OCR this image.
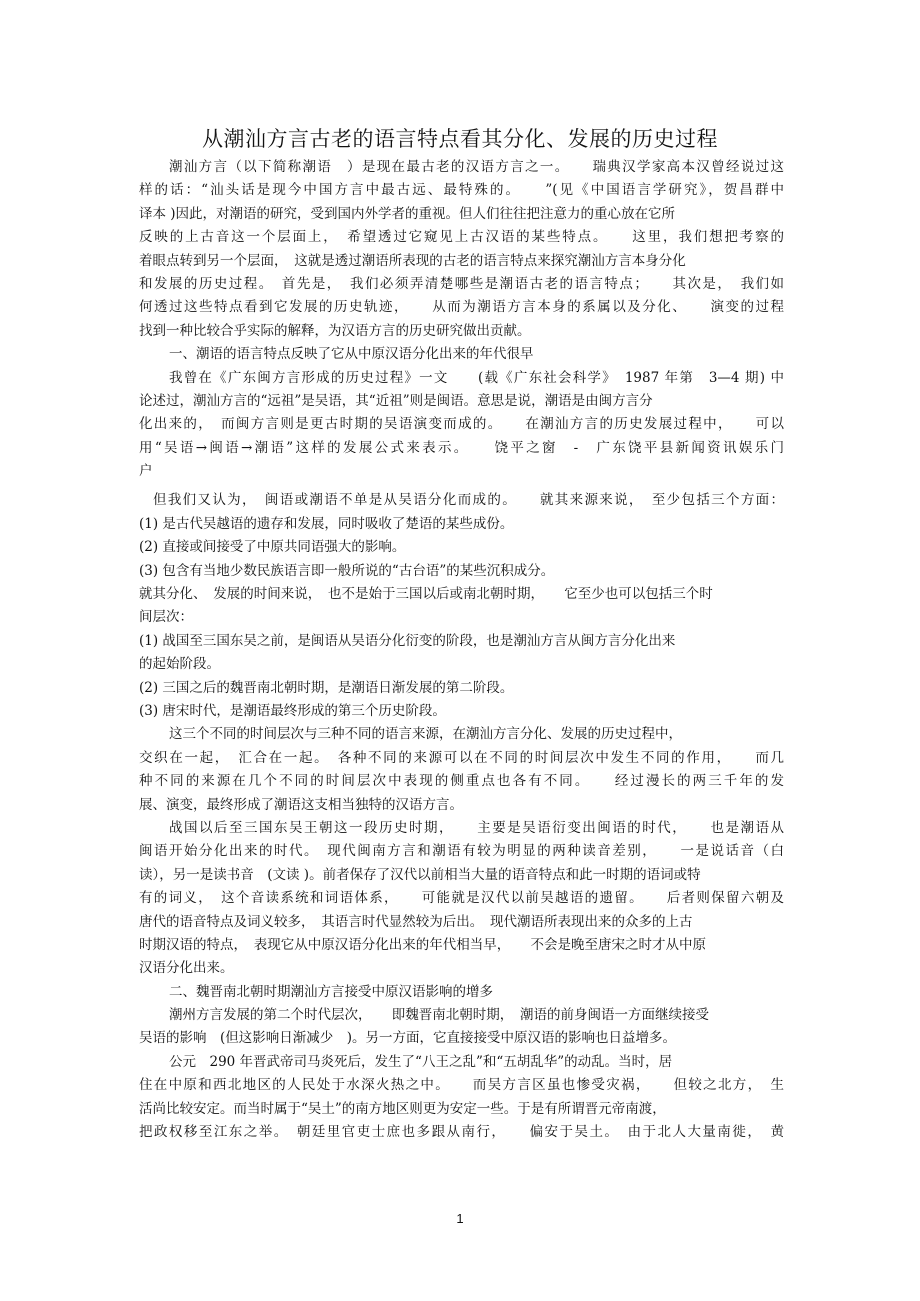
从潮汕方言古老的语言特点看其分化、发展的历史过程
潮汕方言（以下简称潮语　）是现在最古老的汉语方言之一。　　瑞典汉学家高本汉曾经说过这
样的话：“汕头话是现今中国方言中最古远、最特殊的。　　”(见《中国语言学研究》，贺昌群中
译本 )因此，对潮语的研究，受到国内外学者的重视。但人们往往把注意力的重心放在它所
反映的上古音这一个层面上，　希望透过它窥见上古汉语的某些特点。　　这里，我们想把考察的
着眼点转到另一个层面，　这就是透过潮语所表现的古老的语言特点来探究潮汕方言本身分化
和发展的历史过程。　首先是，　我们必须弄清楚哪些是潮语古老的语言特点；　　其次是，　我们如
何透过这些特点看到它发展的历史轨迹，　　从而为潮语方言本身的系属以及分化、　　演变的过程
找到一种比较合乎实际的解释，为汉语方言的历史研究做出贡献。
一、潮语的语言特点反映了它从中原汉语分化出来的年代很早
我曾在《广东闽方言形成的历史过程》一文　　(载《广东社会科学》　1987 年第　3—4 期) 中
论述过，潮汕方言的“远祖”是吴语，其“近祖”则是闽语。意思是说，潮语是由闽方言分
化出来的，　而闽方言则是更古时期的吴语演变而成的。　　在潮汕方言的历史发展过程中，　　可以
用“吴语→闽语→潮语”这样的发展公式来表示。　　饶平之窗　-　广东饶平县新闻资讯娱乐门
户
但我们又认为，　闽语或潮语不单是从吴语分化而成的。　　就其来源来说，　至少包括三个方面：
(1) 是古代吴越语的遗存和发展，同时吸收了楚语的某些成份。
(2) 直接或间接受了中原共同语强大的影响。
(3) 包含有当地少数民族语言即一般所说的“古台语”的某些沉积成分。
就其分化、　发展的时间来说，　也不是始于三国以后或南北朝时期，　　它至少也可以包括三个时
间层次：
(1) 战国至三国东吴之前，是闽语从吴语分化衍变的阶段，也是潮汕方言从闽方言分化出来
的起始阶段。
(2) 三国之后的魏晋南北朝时期，是潮语日渐发展的第二阶段。
(3) 唐宋时代，是潮语最终形成的第三个历史阶段。
这三个不同的时间层次与三种不同的语言来源，在潮汕方言分化、发展的历史过程中，
交织在一起，　汇合在一起。　各种不同的来源可以在不同的时间层次中发生不同的作用，　　而几
种不同的来源在几个不同的时间层次中表现的侧重点也各有不同。　　经过漫长的两三千年的发
展、演变，最终形成了潮语这支相当独特的汉语方言。
战国以后至三国东吴王朝这一段历史时期，　　主要是吴语衍变出闽语的时代，　　也是潮语从
闽语开始分化出来的时代。　现代闽南方言和潮语有较为明显的两种读音差别，　　一是说话音（白
读），另一是读书音　(文读 )。前者保存了汉代以前相当大量的语音特点和此一时期的语词或特
有的词义，　这个音读系统和词语体系，　　可能就是汉代以前吴越语的遗留。　　后者则保留六朝及
唐代的语音特点及词义较多，　其语言时代显然较为后出。　现代潮语所表现出来的众多的上古
时期汉语的特点，　表现它从中原汉语分化出来的年代相当早，　　不会是晚至唐宋之时才从中原
汉语分化出来。
二、魏晋南北朝时期潮汕方言接受中原汉语影响的增多
潮州方言发展的第二个时代层次，　　即魏晋南北朝时期，　潮语的前身闽语一方面继续接受
吴语的影响　(但这影响日渐减少　)。另一方面，它直接接受中原汉语的影响也日益增多。
公元　290 年晋武帝司马炎死后，发生了“八王之乱”和“五胡乱华”的动乱。当时，居
住在中原和西北地区的人民处于水深火热之中。　　而吴方言区虽也惨受灾祸，　　但较之北方，　生
活尚比较安定。而当时属于“吴土”的南方地区则更为安定一些。于是有所谓晋元帝南渡，
把政权移至江东之举。　朝廷里官吏士庶也多跟从南行，　　偏安于吴土。　由于北人大量南徙，　黄
1
